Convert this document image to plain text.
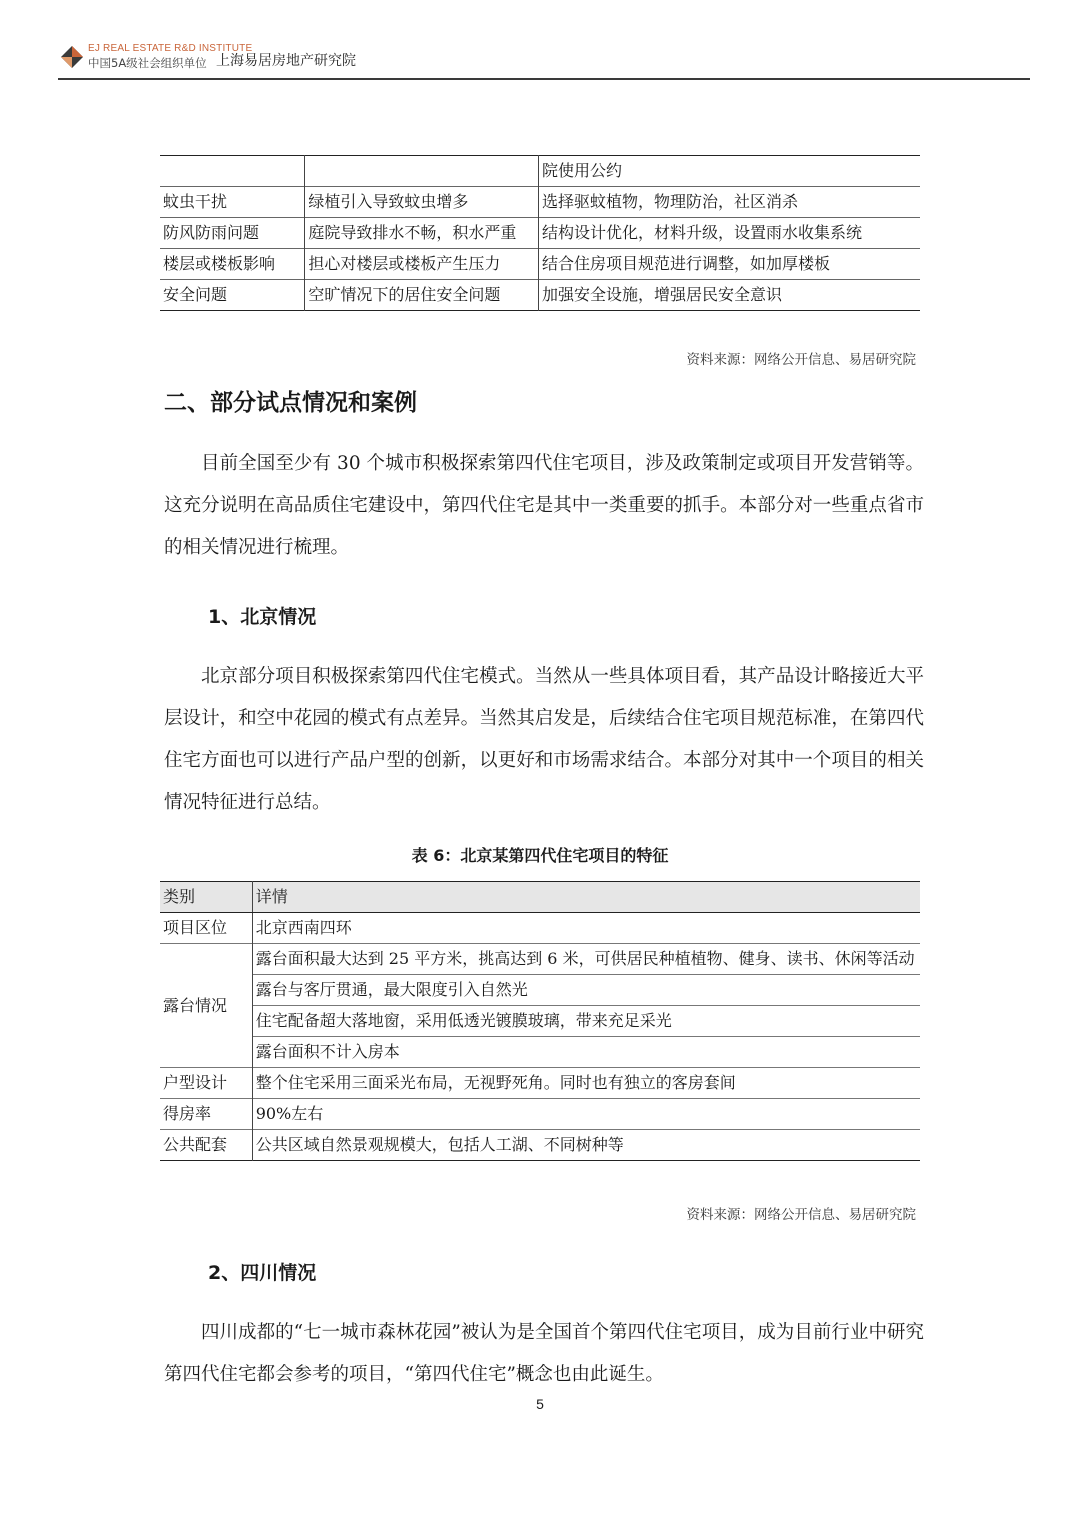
EJ REAL ESTATE R&D INSTITUTE
中国5A级社会组织单位 上海易居房地产研究院
		院使用公约
蚊虫干扰	绿植引入导致蚊虫增多	选择驱蚊植物，物理防治，社区消杀
防风防雨问题	庭院导致排水不畅，积水严重	结构设计优化，材料升级，设置雨水收集系统
楼层或楼板影响	担心对楼层或楼板产生压力	结合住房项目规范进行调整，如加厚楼板
安全问题	空旷情况下的居住安全问题	加强安全设施，增强居民安全意识
资料来源：网络公开信息、易居研究院
二、部分试点情况和案例

目前全国至少有 30 个城市积极探索第四代住宅项目，涉及政策制定或项目开发营销等。这充分说明在高品质住宅建设中，第四代住宅是其中一类重要的抓手。本部分对一些重点省市的相关情况进行梳理。

1、北京情况

北京部分项目积极探索第四代住宅模式。当然从一些具体项目看，其产品设计略接近大平层设计，和空中花园的模式有点差异。当然其启发是，后续结合住宅项目规范标准，在第四代住宅方面也可以进行产品户型的创新，以更好和市场需求结合。本部分对其中一个项目的相关情况特征进行总结。

表 6：北京某第四代住宅项目的特征
类别	详情
项目区位	北京西南四环
露台情况	露台面积最大达到 25 平方米，挑高达到 6 米，可供居民种植植物、健身、读书、休闲等活动
	露台与客厅贯通，最大限度引入自然光
	住宅配备超大落地窗，采用低透光镀膜玻璃，带来充足采光
	露台面积不计入房本
户型设计	整个住宅采用三面采光布局，无视野死角。同时也有独立的客房套间
得房率	90%左右
公共配套	公共区域自然景观规模大，包括人工湖、不同树种等
资料来源：网络公开信息、易居研究院
2、四川情况

四川成都的“七一城市森林花园”被认为是全国首个第四代住宅项目，成为目前行业中研究第四代住宅都会参考的项目，“第四代住宅”概念也由此诞生。

5
